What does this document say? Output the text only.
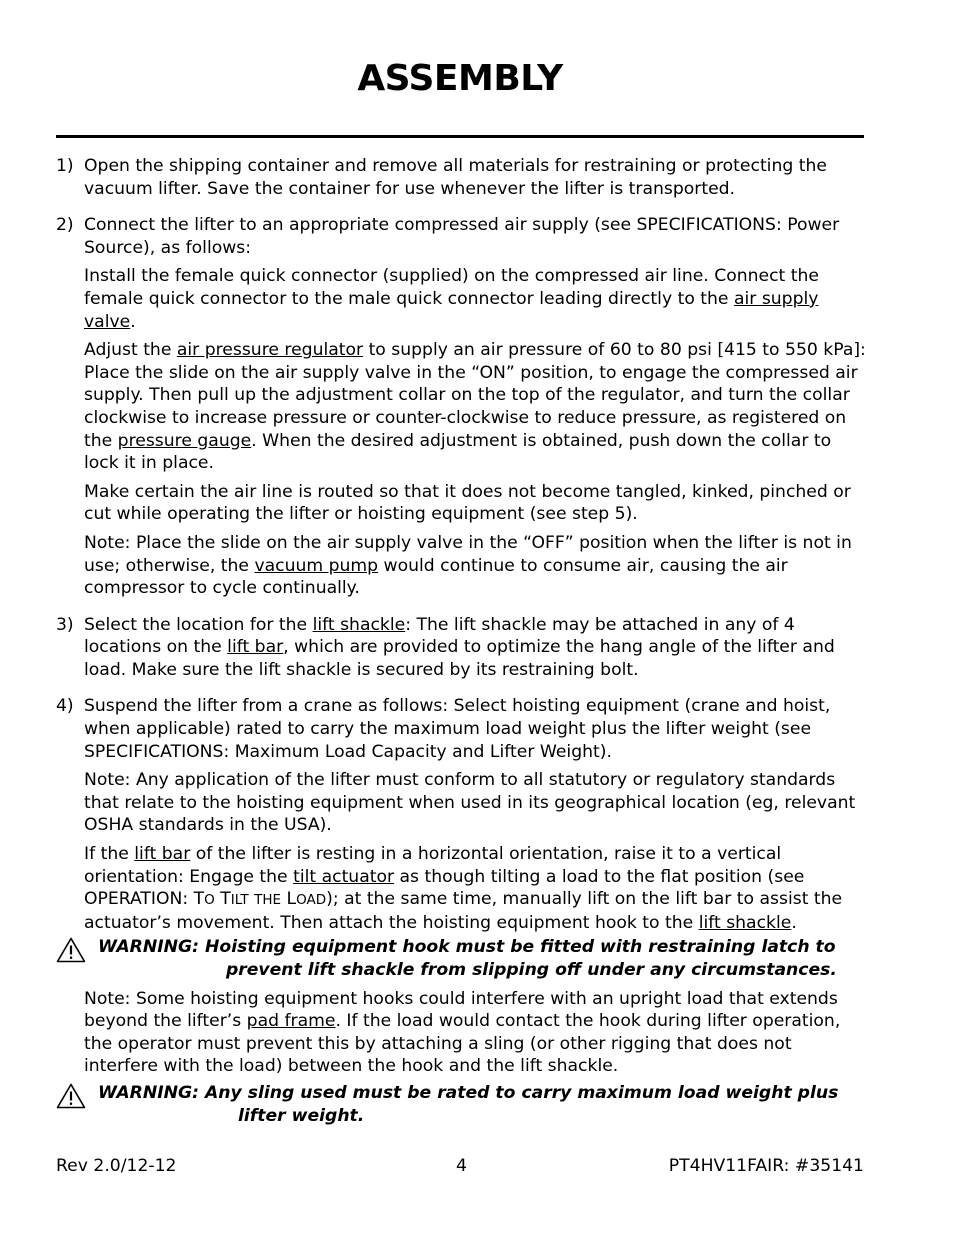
ASSEMBLY
1) Open the shipping container and remove all materials for restraining or protecting the vacuum lifter. Save the container for use whenever the lifter is transported.

2) Connect the lifter to an appropriate compressed air supply (see SPECIFICATIONS: Power Source), as follows:

Install the female quick connector (supplied) on the compressed air line. Connect the female quick connector to the male quick connector leading directly to the air supply valve.

Adjust the air pressure regulator to supply an air pressure of 60 to 80 psi [415 to 550 kPa]: Place the slide on the air supply valve in the “ON” position, to engage the compressed air supply. Then pull up the adjustment collar on the top of the regulator, and turn the collar clockwise to increase pressure or counter-clockwise to reduce pressure, as registered on the pressure gauge. When the desired adjustment is obtained, push down the collar to lock it in place.

Make certain the air line is routed so that it does not become tangled, kinked, pinched or cut while operating the lifter or hoisting equipment (see step 5).

Note: Place the slide on the air supply valve in the “OFF” position when the lifter is not in use; otherwise, the vacuum pump would continue to consume air, causing the air compressor to cycle continually.

3) Select the location for the lift shackle: The lift shackle may be attached in any of 4 locations on the lift bar, which are provided to optimize the hang angle of the lifter and load. Make sure the lift shackle is secured by its restraining bolt.

4) Suspend the lifter from a crane as follows: Select hoisting equipment (crane and hoist, when applicable) rated to carry the maximum load weight plus the lifter weight (see SPECIFICATIONS: Maximum Load Capacity and Lifter Weight).

Note: Any application of the lifter must conform to all statutory or regulatory standards that relate to the hoisting equipment when used in its geographical location (eg, relevant OSHA standards in the USA).

If the lift bar of the lifter is resting in a horizontal orientation, raise it to a vertical orientation: Engage the tilt actuator as though tilting a load to the flat position (see OPERATION: TO TILT THE LOAD); at the same time, manually lift on the lift bar to assist the actuator’s movement. Then attach the hoisting equipment hook to the lift shackle.

WARNING: Hoisting equipment hook must be fitted with restraining latch to
prevent lift shackle from slipping off under any circumstances.

Note: Some hoisting equipment hooks could interfere with an upright load that extends beyond the lifter’s pad frame. If the load would contact the hook during lifter operation, the operator must prevent this by attaching a sling (or other rigging that does not interfere with the load) between the hook and the lift shackle.

WARNING: Any sling used must be rated to carry maximum load weight plus
lifter weight.
Rev 2.0/12-12	4	PT4HV11FAIR: #35141
